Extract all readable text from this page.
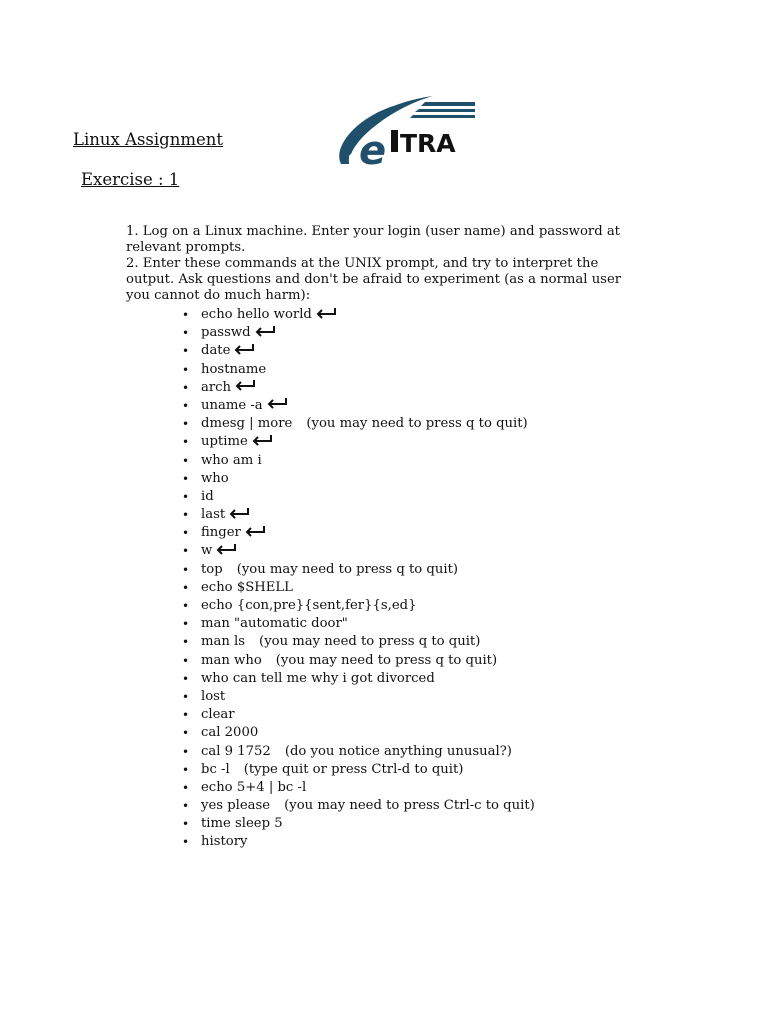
Linux Assignment	e TRA
Exercise : 1

1. Log on a Linux machine. Enter your login (user name) and password at relevant prompts.

2. Enter these commands at the UNIX prompt, and try to interpret the output. Ask questions and don't be afraid to experiment (as a normal user you cannot do much harm):

• echo hello world
• passwd
• date
• hostname
• arch
• uname -a
• dmesg | more (you may need to press q to quit)
• uptime
• who am i
• who
• id
• last
• finger
• w
• top (you may need to press q to quit)
• echo $SHELL
• echo {con,pre}{sent,fer}{s,ed}
• man "automatic door"
• man ls (you may need to press q to quit)
• man who (you may need to press q to quit)
• who can tell me why i got divorced
• lost
• clear
• cal 2000
• cal 9 1752 (do you notice anything unusual?)
• bc -l (type quit or press Ctrl-d to quit)
• echo 5+4 | bc -l
• yes please (you may need to press Ctrl-c to quit)
• time sleep 5
• history
